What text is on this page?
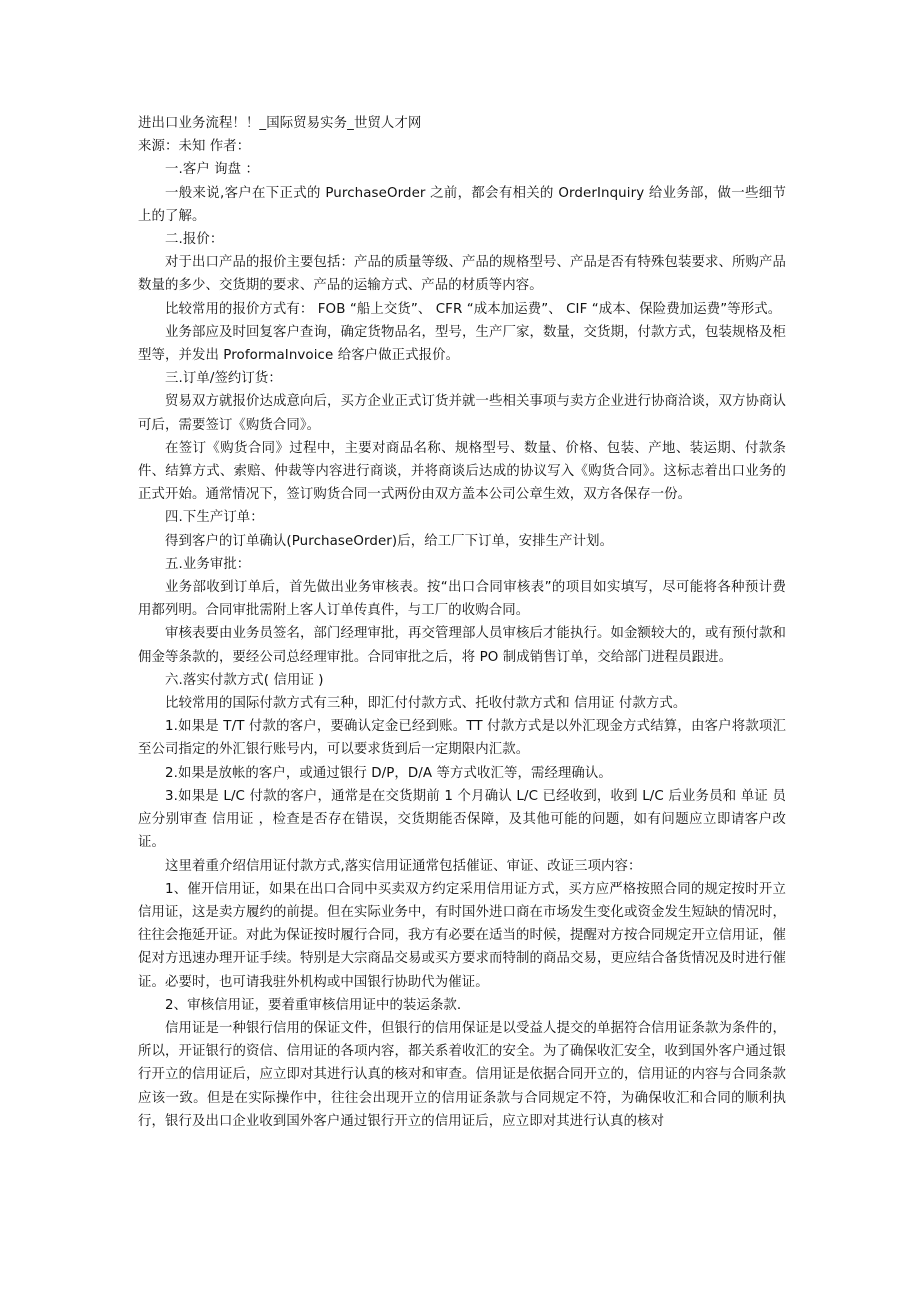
进出口业务流程！！_国际贸易实务_世贸人才网

来源：未知 作者：

一.客户 询盘 ：

一般来说,客户在下正式的 PurchaseOrder 之前，都会有相关的 OrderInquiry 给业务部，做一些细节上的了解。

二.报价：

对于出口产品的报价主要包括：产品的质量等级、产品的规格型号、产品是否有特殊包装要求、所购产品数量的多少、交货期的要求、产品的运输方式、产品的材质等内容。

比较常用的报价方式有： FOB “船上交货”、 CFR “成本加运费”、 CIF “成本、保险费加运费”等形式。

业务部应及时回复客户查询，确定货物品名，型号，生产厂家，数量，交货期，付款方式，包装规格及柜型等，并发出 ProformaInvoice 给客户做正式报价。

三.订单/签约订货：

贸易双方就报价达成意向后，买方企业正式订货并就一些相关事项与卖方企业进行协商洽谈，双方协商认可后，需要签订《购货合同》。

在签订《购货合同》过程中，主要对商品名称、规格型号、数量、价格、包装、产地、装运期、付款条件、结算方式、索赔、仲裁等内容进行商谈，并将商谈后达成的协议写入《购货合同》。这标志着出口业务的正式开始。通常情况下，签订购货合同一式两份由双方盖本公司公章生效，双方各保存一份。

四.下生产订单：

得到客户的订单确认(PurchaseOrder)后，给工厂下订单，安排生产计划。

五.业务审批：

业务部收到订单后，首先做出业务审核表。按“出口合同审核表”的项目如实填写，尽可能将各种预计费用都列明。合同审批需附上客人订单传真件，与工厂的收购合同。

审核表要由业务员签名，部门经理审批，再交管理部人员审核后才能执行。如金额较大的，或有预付款和佣金等条款的，要经公司总经理审批。合同审批之后，将 PO 制成销售订单，交给部门进程员跟进。

六.落实付款方式( 信用证 )

比较常用的国际付款方式有三种，即汇付付款方式、托收付款方式和 信用证 付款方式。

1.如果是 T/T 付款的客户，要确认定金已经到账。TT 付款方式是以外汇现金方式结算，由客户将款项汇至公司指定的外汇银行账号内，可以要求货到后一定期限内汇款。

2.如果是放帐的客户，或通过银行 D/P，D/A 等方式收汇等，需经理确认。

3.如果是 L/C 付款的客户，通常是在交货期前 1 个月确认 L/C 已经收到，收到 L/C 后业务员和 单证 员应分别审查 信用证 ，检查是否存在错误，交货期能否保障，及其他可能的问题，如有问题应立即请客户改证。

这里着重介绍信用证付款方式,落实信用证通常包括催证、审证、改证三项内容：

1、催开信用证，如果在出口合同中买卖双方约定采用信用证方式，买方应严格按照合同的规定按时开立信用证，这是卖方履约的前提。但在实际业务中，有时国外进口商在市场发生变化或资金发生短缺的情况时，往往会拖延开证。对此为保证按时履行合同，我方有必要在适当的时候，提醒对方按合同规定开立信用证，催促对方迅速办理开证手续。特别是大宗商品交易或买方要求而特制的商品交易，更应结合备货情况及时进行催证。必要时，也可请我驻外机构或中国银行协助代为催证。

2、审核信用证，要着重审核信用证中的装运条款.

信用证是一种银行信用的保证文件，但银行的信用保证是以受益人提交的单据符合信用证条款为条件的，所以，开证银行的资信、信用证的各项内容，都关系着收汇的安全。为了确保收汇安全，收到国外客户通过银行开立的信用证后，应立即对其进行认真的核对和审查。信用证是依据合同开立的，信用证的内容与合同条款应该一致。但是在实际操作中，往往会出现开立的信用证条款与合同规定不符，为确保收汇和合同的顺利执行，银行及出口企业收到国外客户通过银行开立的信用证后，应立即对其进行认真的核对
